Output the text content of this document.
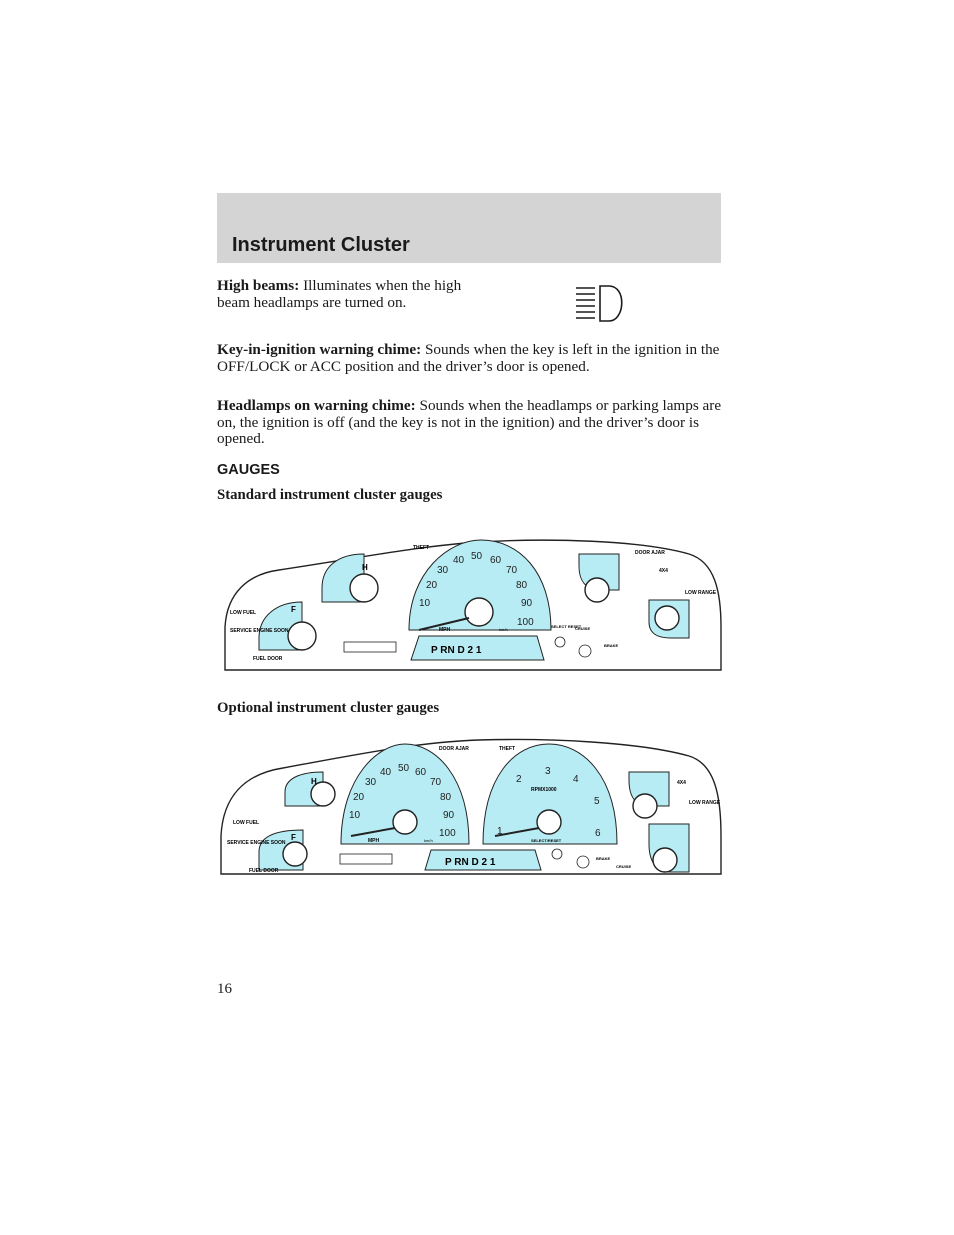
Instrument Cluster

High beams: Illuminates when the high beam headlamps are turned on.

Key-in-ignition warning chime: Sounds when the key is left in the ignition in the OFF/LOCK or ACC position and the driver’s door is opened.

Headlamps on warning chime: Sounds when the headlamps or parking lamps are on, the ignition is off (and the key is not in the ignition) and the driver’s door is opened.

GAUGES
Standard instrument cluster gauges
H
F
LOW FUEL
SERVICE ENGINE SOON
FUEL DOOR
10
20
30
40 50 60
70
80
90
100
MPH	km/h
THEFT
SELECT RESET
CRUISE
BRAKE
P RN D 2 1
DOOR AJAR
4X4
LOW RANGE
Optional instrument cluster gauges
H
F
LOW FUEL
SERVICE ENGINE SOON
FUEL DOOR
10
20
30
40 50 60
70
80
90
100
MPH	km/h
1
2
3
4
5
6
RPMX1000
SELECT/RESET
DOOR AJAR	THEFT
P RN D 2 1	BRAKE
CRUISE
4X4
LOW RANGE
16
